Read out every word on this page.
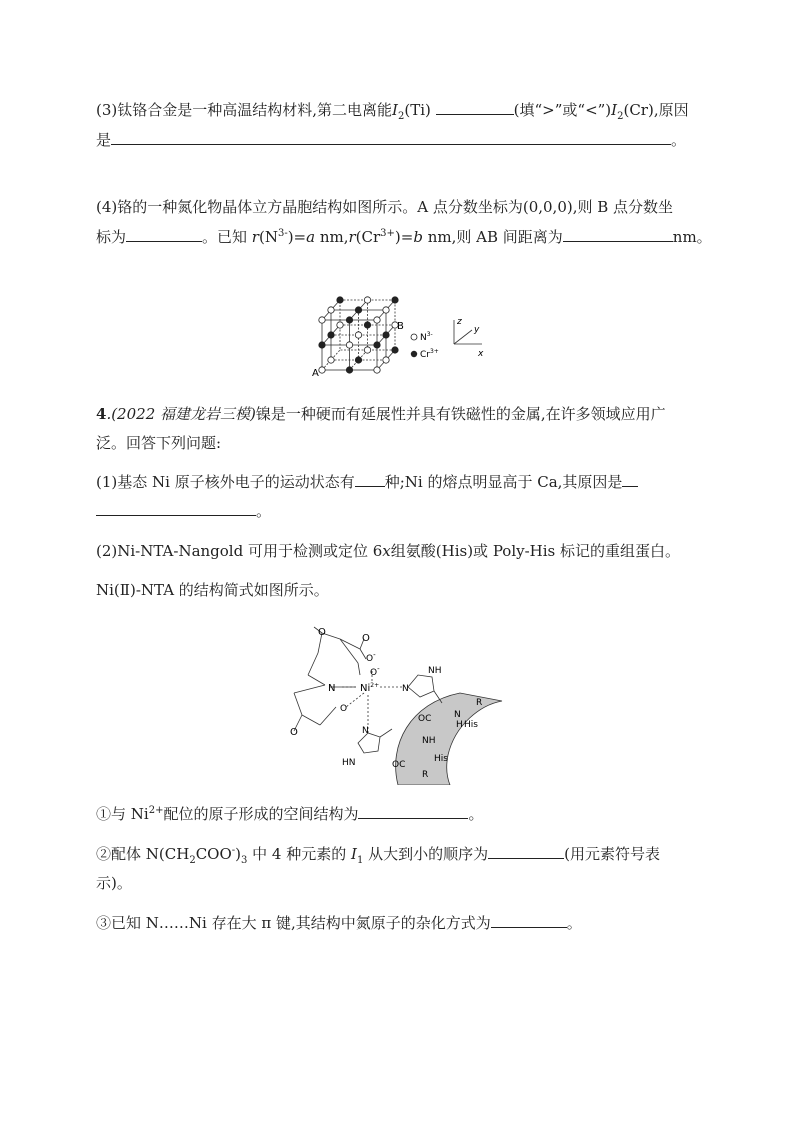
(3)钛铬合金是一种高温结构材料,第二电离能$I_2(Ti)$	(填“>”或“$<”)I_2(Cr)$,原因
是	。
(4)铬的一种氮化物晶体立方晶胞结构如图所示。A 点分数坐标为(0,0,0),则 B 点分数坐
标为	。已知 $r(N^{3-})=a$ $nm,r(Cr^{3+})=b$ nm,则 AB 间距离为	nm。
A
B
$N^{3-}$
$Cr^{3+}$
z
y
x
4.(2022 福建龙岩三模)镍是一种硬而有延展性并具有铁磁性的金属,在许多领域应用广
泛。回答下列问题:
(1)基态 Ni 原子核外电子的运动状态有 种;Ni 的熔点明显高于 Ca,其原因是
。
(2)Ni-NTA-Nangold 可用于检测或定位 6x组氨酸(His)或 Poly-His 标记的重组蛋白。
Ni(Ⅱ)-NTA 的结构简式如图所示。
O
O
O-
O-
N $Ni^{2+}$	N
NH
O
O	N
HN
OC	N
H
R
His
NH
His
OC
R
①与 $Ni^{2+}$配位的原子形成的空间结构为	。
②配体 $N(CH_2COO^-)_3$ 中 4 种元素的 $I_1$ 从大到小的顺序为	(用元素符号表
示)。
③已知 N……Ni 存在大 π 键,其结构中氮原子的杂化方式为	。
